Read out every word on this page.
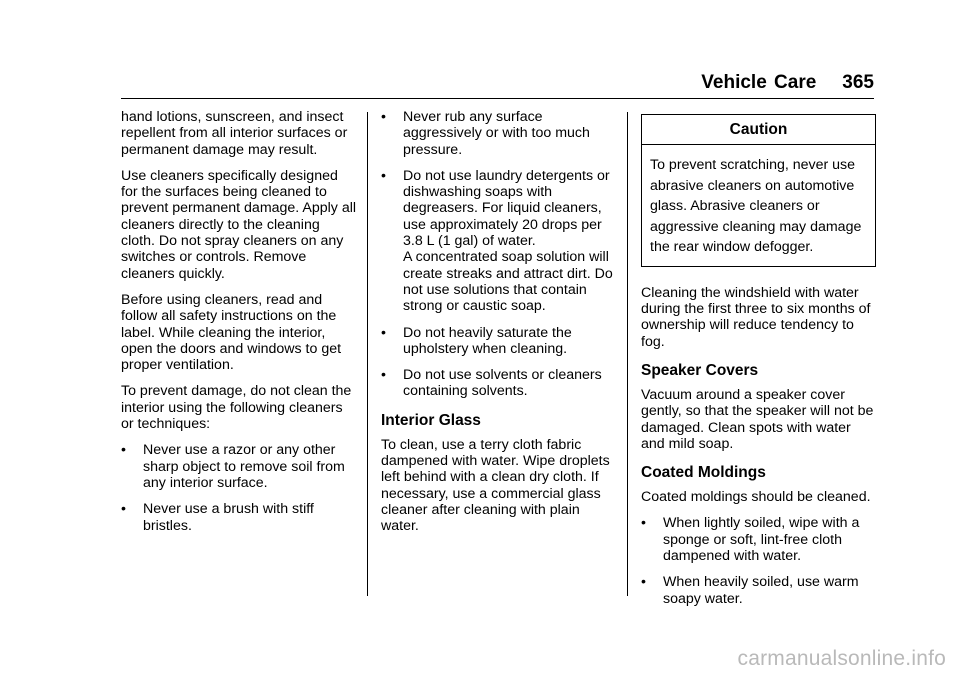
Vehicle Care 365

hand lotions, sunscreen, and insect repellent from all interior surfaces or permanent damage may result.

Use cleaners specifically designed for the surfaces being cleaned to prevent permanent damage. Apply all cleaners directly to the cleaning cloth. Do not spray cleaners on any switches or controls. Remove cleaners quickly.

Before using cleaners, read and follow all safety instructions on the label. While cleaning the interior, open the doors and windows to get proper ventilation.

To prevent damage, do not clean the interior using the following cleaners or techniques:

•	Never use a razor or any other sharp object to remove soil from any interior surface.
•	Never use a brush with stiff bristles.
•	Never rub any surface aggressively or with too much pressure.
•	Do not use laundry detergents or dishwashing soaps with degreasers. For liquid cleaners, use approximately 20 drops per 3.8 L (1 gal) of water.
A concentrated soap solution will create streaks and attract dirt. Do not use solutions that contain strong or caustic soap.
•	Do not heavily saturate the upholstery when cleaning.
•	Do not use solvents or cleaners containing solvents.
Interior Glass

To clean, use a terry cloth fabric dampened with water. Wipe droplets left behind with a clean dry cloth. If necessary, use a commercial glass cleaner after cleaning with plain water.

Caution
To prevent scratching, never use abrasive cleaners on automotive glass. Abrasive cleaners or aggressive cleaning may damage the rear window defogger.

Cleaning the windshield with water during the first three to six months of ownership will reduce tendency to fog.

Speaker Covers

Vacuum around a speaker cover gently, so that the speaker will not be damaged. Clean spots with water and mild soap.

Coated Moldings

Coated moldings should be cleaned.

•	When lightly soiled, wipe with a sponge or soft, lint-free cloth dampened with water.
•	When heavily soiled, use warm soapy water.
carmanualsonline.info
